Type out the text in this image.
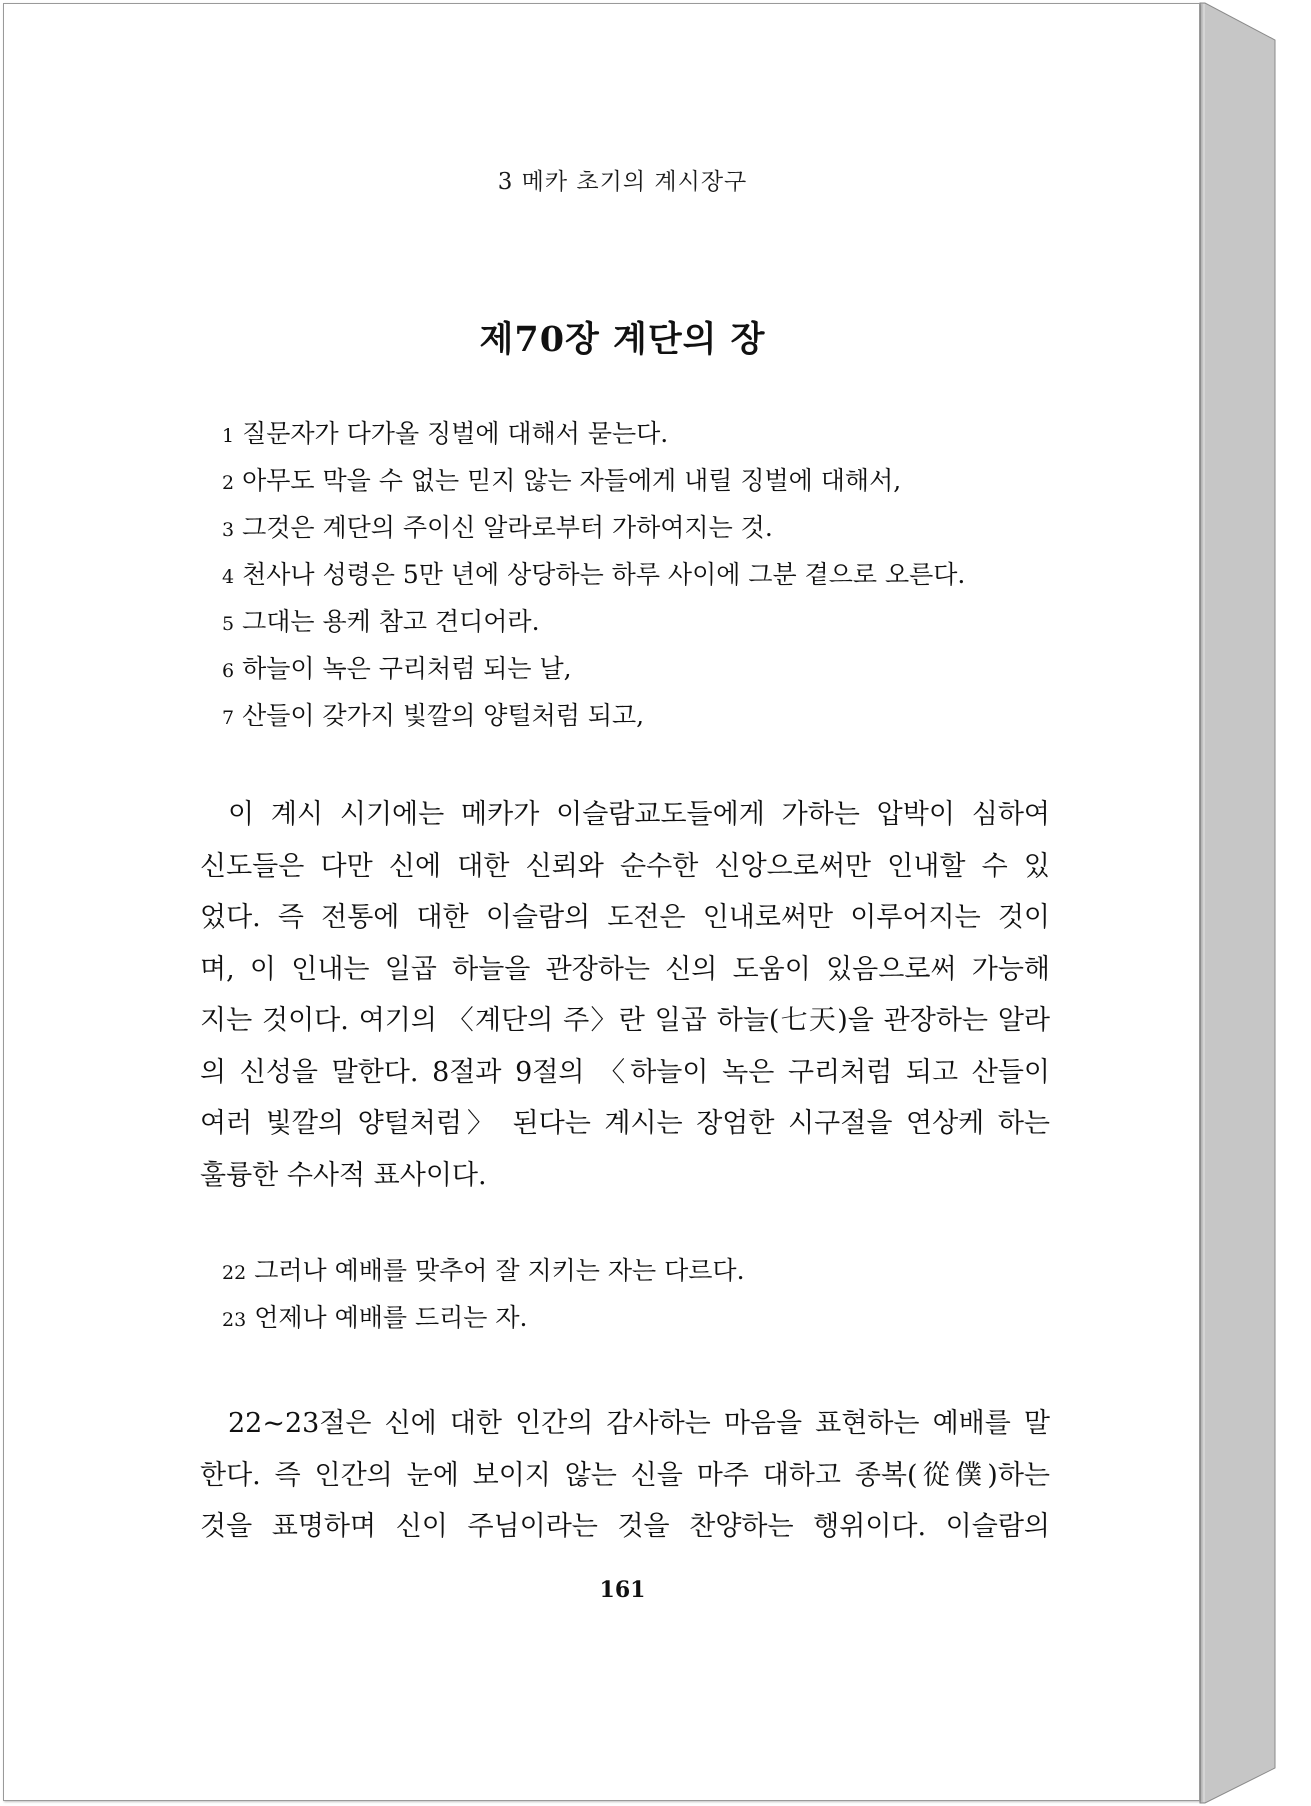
3 메카 초기의 계시장구
제70장 계단의 장
1 질문자가 다가올 징벌에 대해서 묻는다.
2 아무도 막을 수 없는 믿지 않는 자들에게 내릴 징벌에 대해서,
3 그것은 계단의 주이신 알라로부터 가하여지는 것.
4 천사나 성령은 5만 년에 상당하는 하루 사이에 그분 곁으로 오른다.
5 그대는 용케 참고 견디어라.
6 하늘이 녹은 구리처럼 되는 날,
7 산들이 갖가지 빛깔의 양털처럼 되고,
이 계시 시기에는 메카가 이슬람교도들에게 가하는 압박이 심하여
신도들은 다만 신에 대한 신뢰와 순수한 신앙으로써만 인내할 수 있
었다. 즉 전통에 대한 이슬람의 도전은 인내로써만 이루어지는 것이
며, 이 인내는 일곱 하늘을 관장하는 신의 도움이 있음으로써 가능해
지는 것이다. 여기의 〈계단의 주〉란 일곱 하늘(七天)을 관장하는 알라
의 신성을 말한다. 8절과 9절의 〈하늘이 녹은 구리처럼 되고 산들이
여러 빛깔의 양털처럼〉 된다는 계시는 장엄한 시구절을 연상케 하는
훌륭한 수사적 표사이다.
22 그러나 예배를 맞추어 잘 지키는 자는 다르다.
23 언제나 예배를 드리는 자.
22~23절은 신에 대한 인간의 감사하는 마음을 표현하는 예배를 말
한다. 즉 인간의 눈에 보이지 않는 신을 마주 대하고 종복(從僕)하는
것을 표명하며 신이 주님이라는 것을 찬양하는 행위이다. 이슬람의
161
